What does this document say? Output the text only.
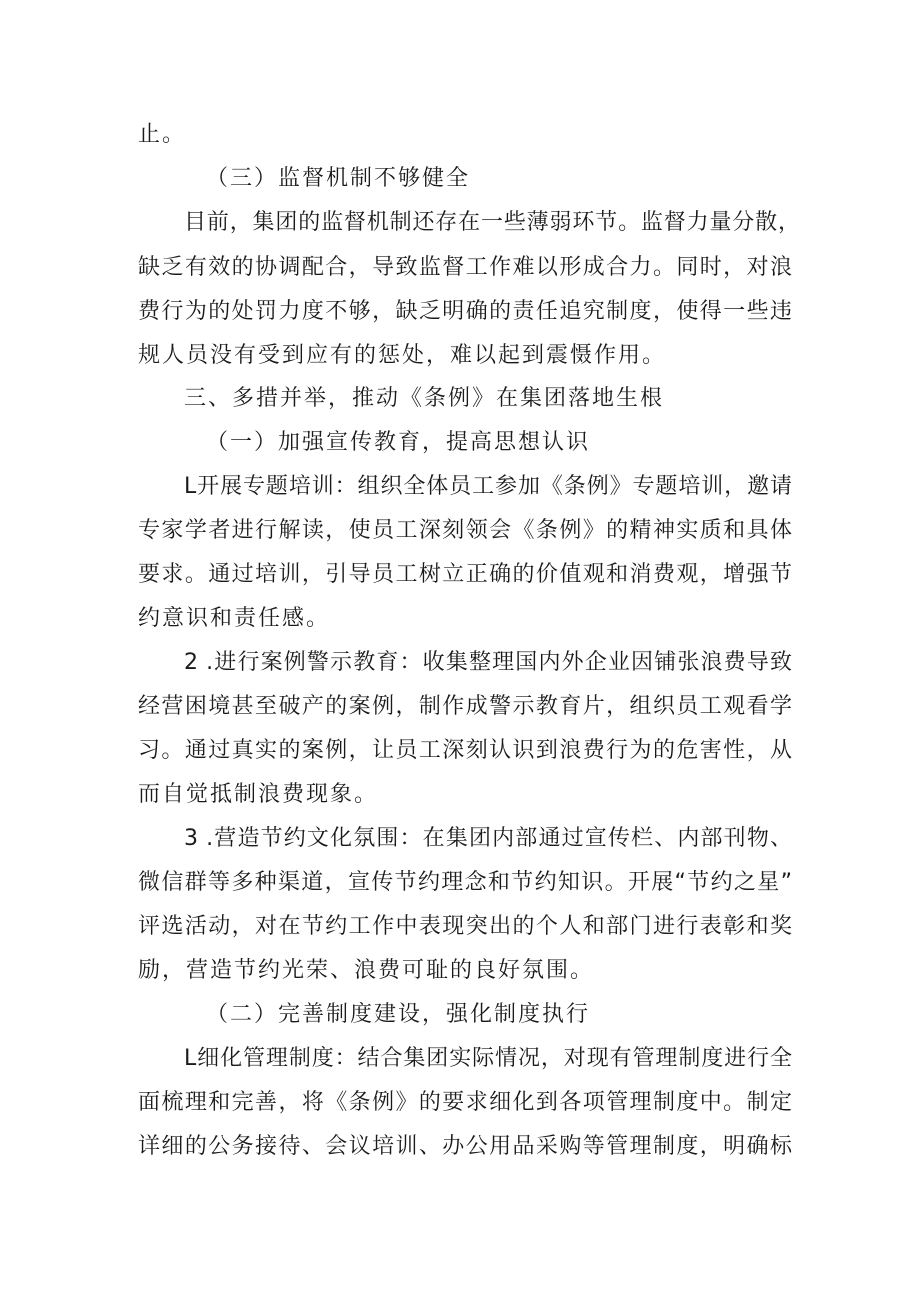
止。
（三）监督机制不够健全
目前，集团的监督机制还存在一些薄弱环节。监督力量分散，
缺乏有效的协调配合，导致监督工作难以形成合力。同时，对浪
费行为的处罚力度不够，缺乏明确的责任追究制度，使得一些违
规人员没有受到应有的惩处，难以起到震慑作用。
三、多措并举，推动《条例》在集团落地生根
（一）加强宣传教育，提高思想认识
L开展专题培训：组织全体员工参加《条例》专题培训，邀请
专家学者进行解读，使员工深刻领会《条例》的精神实质和具体
要求。通过培训，引导员工树立正确的价值观和消费观，增强节
约意识和责任感。
2 .进行案例警示教育：收集整理国内外企业因铺张浪费导致
经营困境甚至破产的案例，制作成警示教育片，组织员工观看学
习。通过真实的案例，让员工深刻认识到浪费行为的危害性，从
而自觉抵制浪费现象。
3 .营造节约文化氛围：在集团内部通过宣传栏、内部刊物、
微信群等多种渠道，宣传节约理念和节约知识。开展“节约之星”
评选活动，对在节约工作中表现突出的个人和部门进行表彰和奖
励，营造节约光荣、浪费可耻的良好氛围。
（二）完善制度建设，强化制度执行
L细化管理制度：结合集团实际情况，对现有管理制度进行全
面梳理和完善，将《条例》的要求细化到各项管理制度中。制定
详细的公务接待、会议培训、办公用品采购等管理制度，明确标
